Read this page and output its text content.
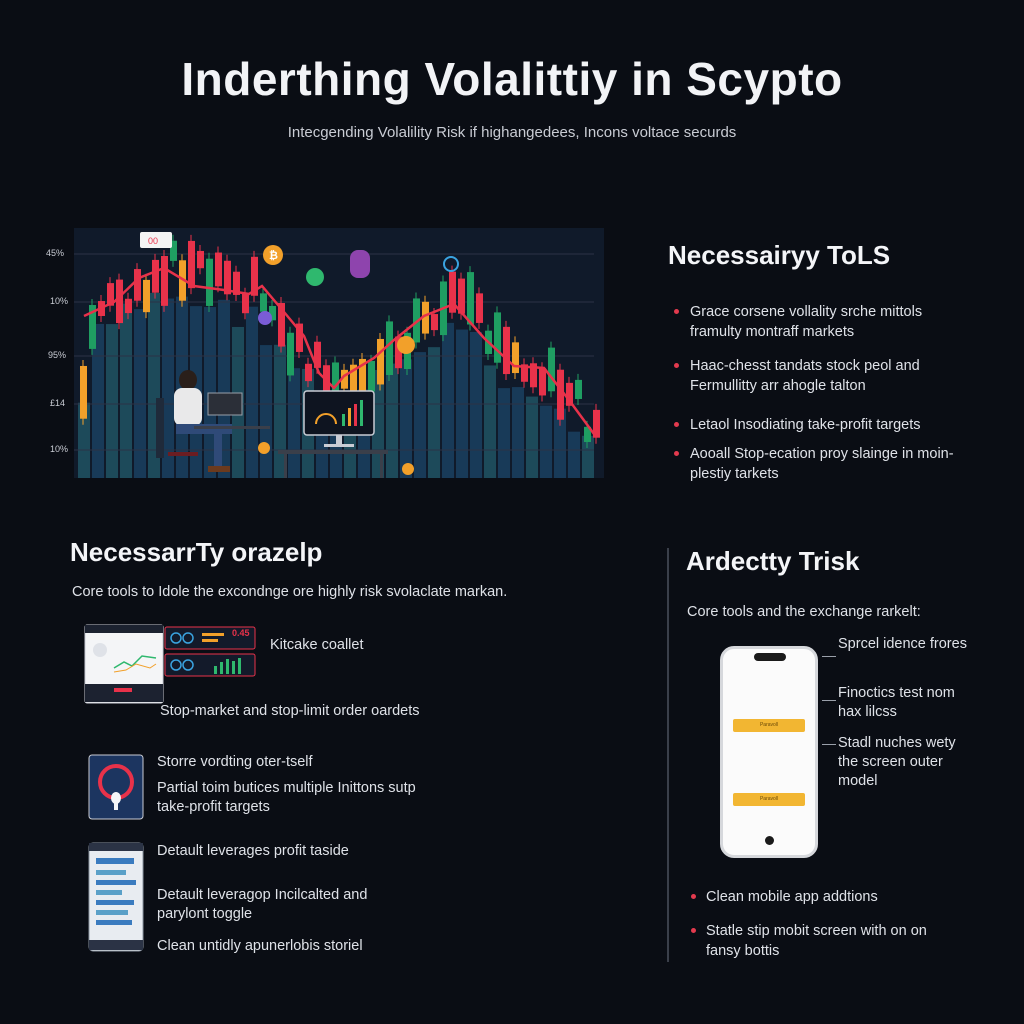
Inderthing Volalittiy in Scypto
Intecgending Volalility Risk if highangedees, Incons voltace securds
45%
10%
95%
£14
10%
00
₿	Necessairyy ToLS
Grace corsene vollality srche mittols framulty montraff markets
Haac-chesst tandats stock peol and Fermullitty arr ahogle talton
Letaol Insodiating take-profit targets
Aooall Stop-ecation proy slainge in moin-plestiy tarkets
NecessarrTy orazelp
Core tools to Idole the excondnge ore highly risk svolaclate markan.
0.45
Kitcake coallet
Stop-market and stop-limit order oardets
Storre vordting oter-tself
Partial toim butices multiple Inittons sutp take-profit targets
Detault leverages profit taside
Detault leveragop Incilcalted and parylont toggle
Clean untidly apunerlobis storiel
Ardectty Trisk
Core tools and the exchange rarkelt:
Paravoll
Paravoll
Sprcel idence frores
Finoctics test nom hax lilcss
Stadl nuches wety the screen outer model
Clean mobile app addtions
Statle stip mobit screen with on on fansy bottis
